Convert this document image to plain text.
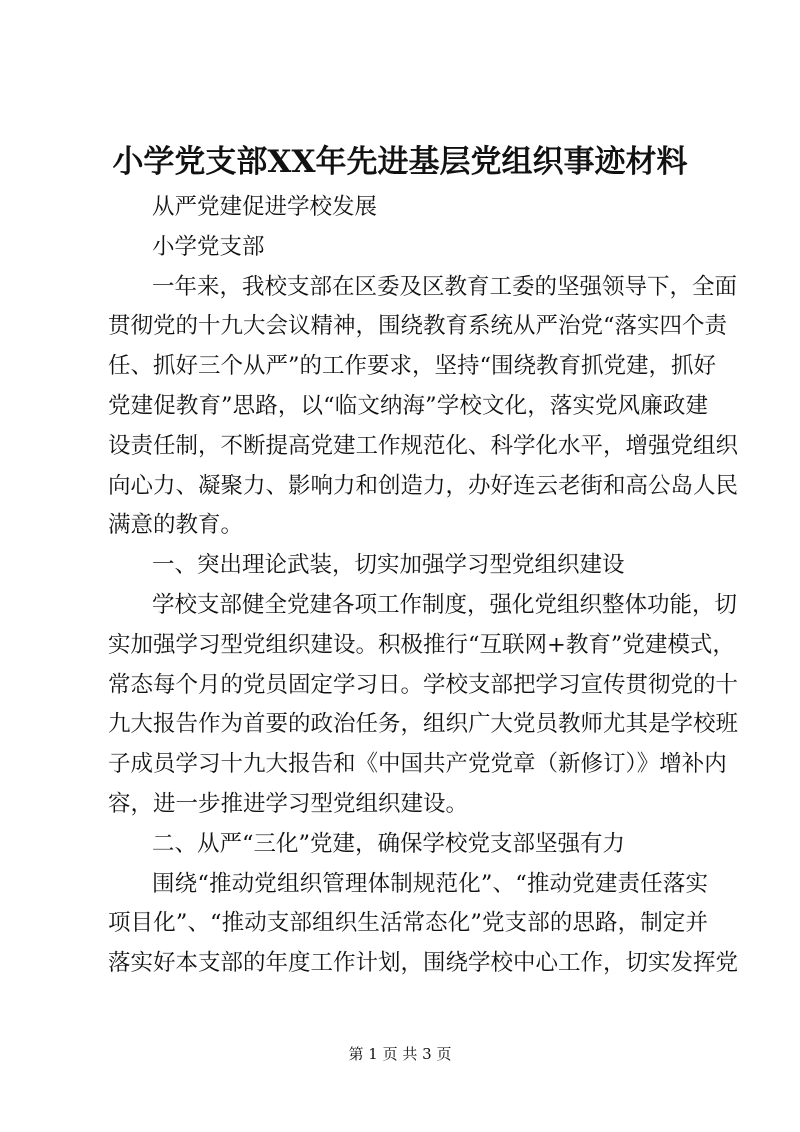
小学党支部XX年先进基层党组织事迹材料
从严党建促进学校发展
小学党支部
一年来，我校支部在区委及区教育工委的坚强领导下，全面
贯彻党的十九大会议精神，围绕教育系统从严治党“落实四个责
任、抓好三个从严”的工作要求，坚持“围绕教育抓党建，抓好
党建促教育”思路，以“临文纳海”学校文化，落实党风廉政建
设责任制，不断提高党建工作规范化、科学化水平，增强党组织
向心力、凝聚力、影响力和创造力，办好连云老街和高公岛人民
满意的教育。
一、突出理论武装，切实加强学习型党组织建设
学校支部健全党建各项工作制度，强化党组织整体功能，切
实加强学习型党组织建设。积极推行“互联网+教育”党建模式，
常态每个月的党员固定学习日。学校支部把学习宣传贯彻党的十
九大报告作为首要的政治任务，组织广大党员教师尤其是学校班
子成员学习十九大报告和《中国共产党党章（新修订）》增补内
容，进一步推进学习型党组织建设。
二、从严“三化”党建，确保学校党支部坚强有力
围绕“推动党组织管理体制规范化”、“推动党建责任落实
项目化”、“推动支部组织生活常态化”党支部的思路，制定并
落实好本支部的年度工作计划，围绕学校中心工作，切实发挥党
第 1 页 共 3 页
